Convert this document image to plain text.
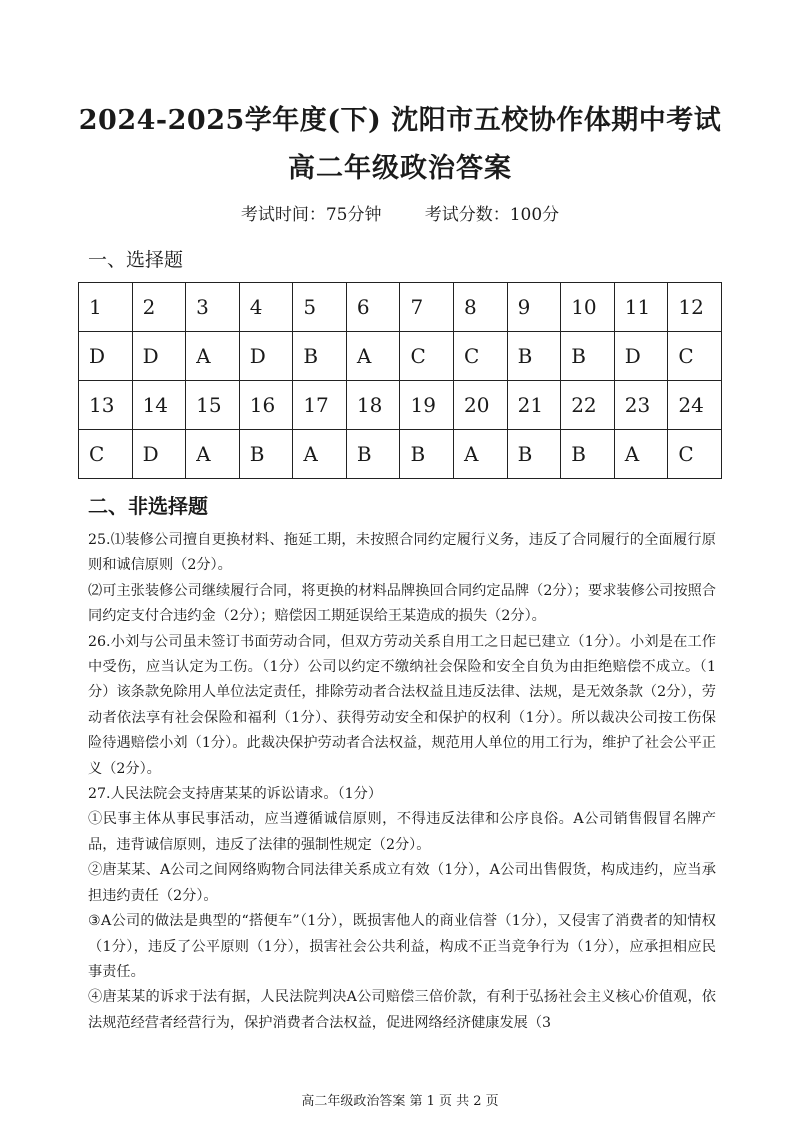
2024-2025学年度(下) 沈阳市五校协作体期中考试
高二年级政治答案
考试时间：75分钟        考试分数：100分
一、选择题
1	2	3	4	5	6	7	8	9	10	11	12
D	D	A	D	B	A	C	C	B	B	D	C
13	14	15	16	17	18	19	20	21	22	23	24
C	D	A	B	A	B	B	A	B	B	A	C
二、非选择题

25.⑴装修公司擅自更换材料、拖延工期，未按照合同约定履行义务，违反了合同履行的全面履行原则和诚信原则（2分）。

⑵可主张装修公司继续履行合同，将更换的材料品牌换回合同约定品牌（2分）；要求装修公司按照合同约定支付合违约金（2分）；赔偿因工期延误给王某造成的损失（2分）。

26.小刘与公司虽未签订书面劳动合同，但双方劳动关系自用工之日起已建立（1分）。小刘是在工作中受伤，应当认定为工伤。（1分）公司以约定不缴纳社会保险和安全自负为由拒绝赔偿不成立。（1分）该条款免除用人单位法定责任，排除劳动者合法权益且违反法律、法规，是无效条款（2分），劳动者依法享有社会保险和福利（1分）、获得劳动安全和保护的权利（1分）。所以裁决公司按工伤保险待遇赔偿小刘（1分）。此裁决保护劳动者合法权益，规范用人单位的用工行为，维护了社会公平正义（2分）。

27.人民法院会支持唐某某的诉讼请求。（1分）

①民事主体从事民事活动，应当遵循诚信原则，不得违反法律和公序良俗。A公司销售假冒名牌产品，违背诚信原则，违反了法律的强制性规定（2分）。

②唐某某、A公司之间网络购物合同法律关系成立有效（1分），A公司出售假货，构成违约，应当承担违约责任（2分）。

③A公司的做法是典型的“搭便车”（1分），既损害他人的商业信誉（1分），又侵害了消费者的知情权（1分），违反了公平原则（1分），损害社会公共利益，构成不正当竞争行为（1分），应承担相应民事责任。

④唐某某的诉求于法有据，人民法院判决A公司赔偿三倍价款，有利于弘扬社会主义核心价值观，依法规范经营者经营行为，保护消费者合法权益，促进网络经济健康发展（3

高二年级政治答案 第 1 页 共 2 页
